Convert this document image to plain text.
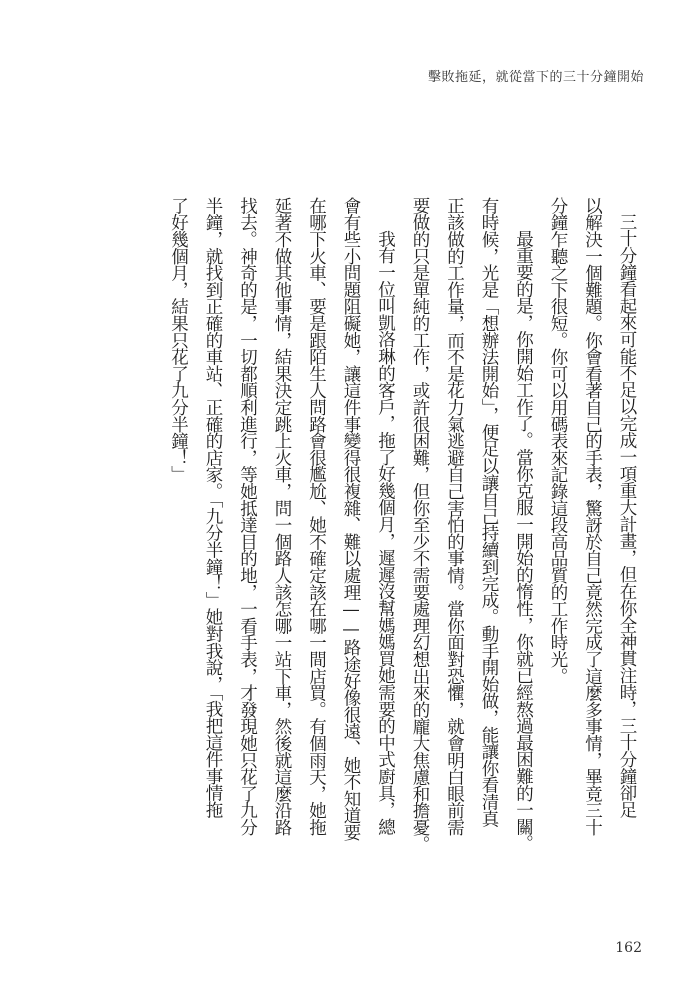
擊敗拖延，就從當下的三十分鐘開始
三十分鐘看起來可能不足以完成一項重大計畫，但在你全神貫注時，三十分鐘卻足
以解決一個難題。你會看著自己的手表，驚訝於自己竟然完成了這麼多事情，畢竟三十
分鐘乍聽之下很短。你可以用碼表來記錄這段高品質的工作時光。
最重要的是，你開始工作了。當你克服一開始的惰性，你就已經熬過最困難的一關。
有時候，光是「想辦法開始」，便足以讓自己持續到完成。動手開始做，能讓你看清真
正該做的工作量，而不是花力氣逃避自己害怕的事情。當你面對恐懼，就會明白眼前需
要做的只是單純的工作，或許很困難，但你至少不需要處理幻想出來的龐大焦慮和擔憂。
我有一位叫凱洛琳的客戶，拖了好幾個月，遲遲沒幫媽媽買她需要的中式廚具，總
會有些小問題阻礙她，讓這件事變得很複雜、難以處理——路途好像很遠、她不知道要
在哪下火車、要是跟陌生人問路會很尷尬、她不確定該在哪一間店買。有個雨天，她拖
延著不做其他事情，結果決定跳上火車，問一個路人該怎哪一站下車，然後就這麼沿路
找去。神奇的是，一切都順利進行，等她抵達目的地，一看手表，才發現她只花了九分
半鐘，就找到正確的車站、正確的店家。「九分半鐘！」她對我說，「我把這件事情拖
了好幾個月，結果只花了九分半鐘！」
162
